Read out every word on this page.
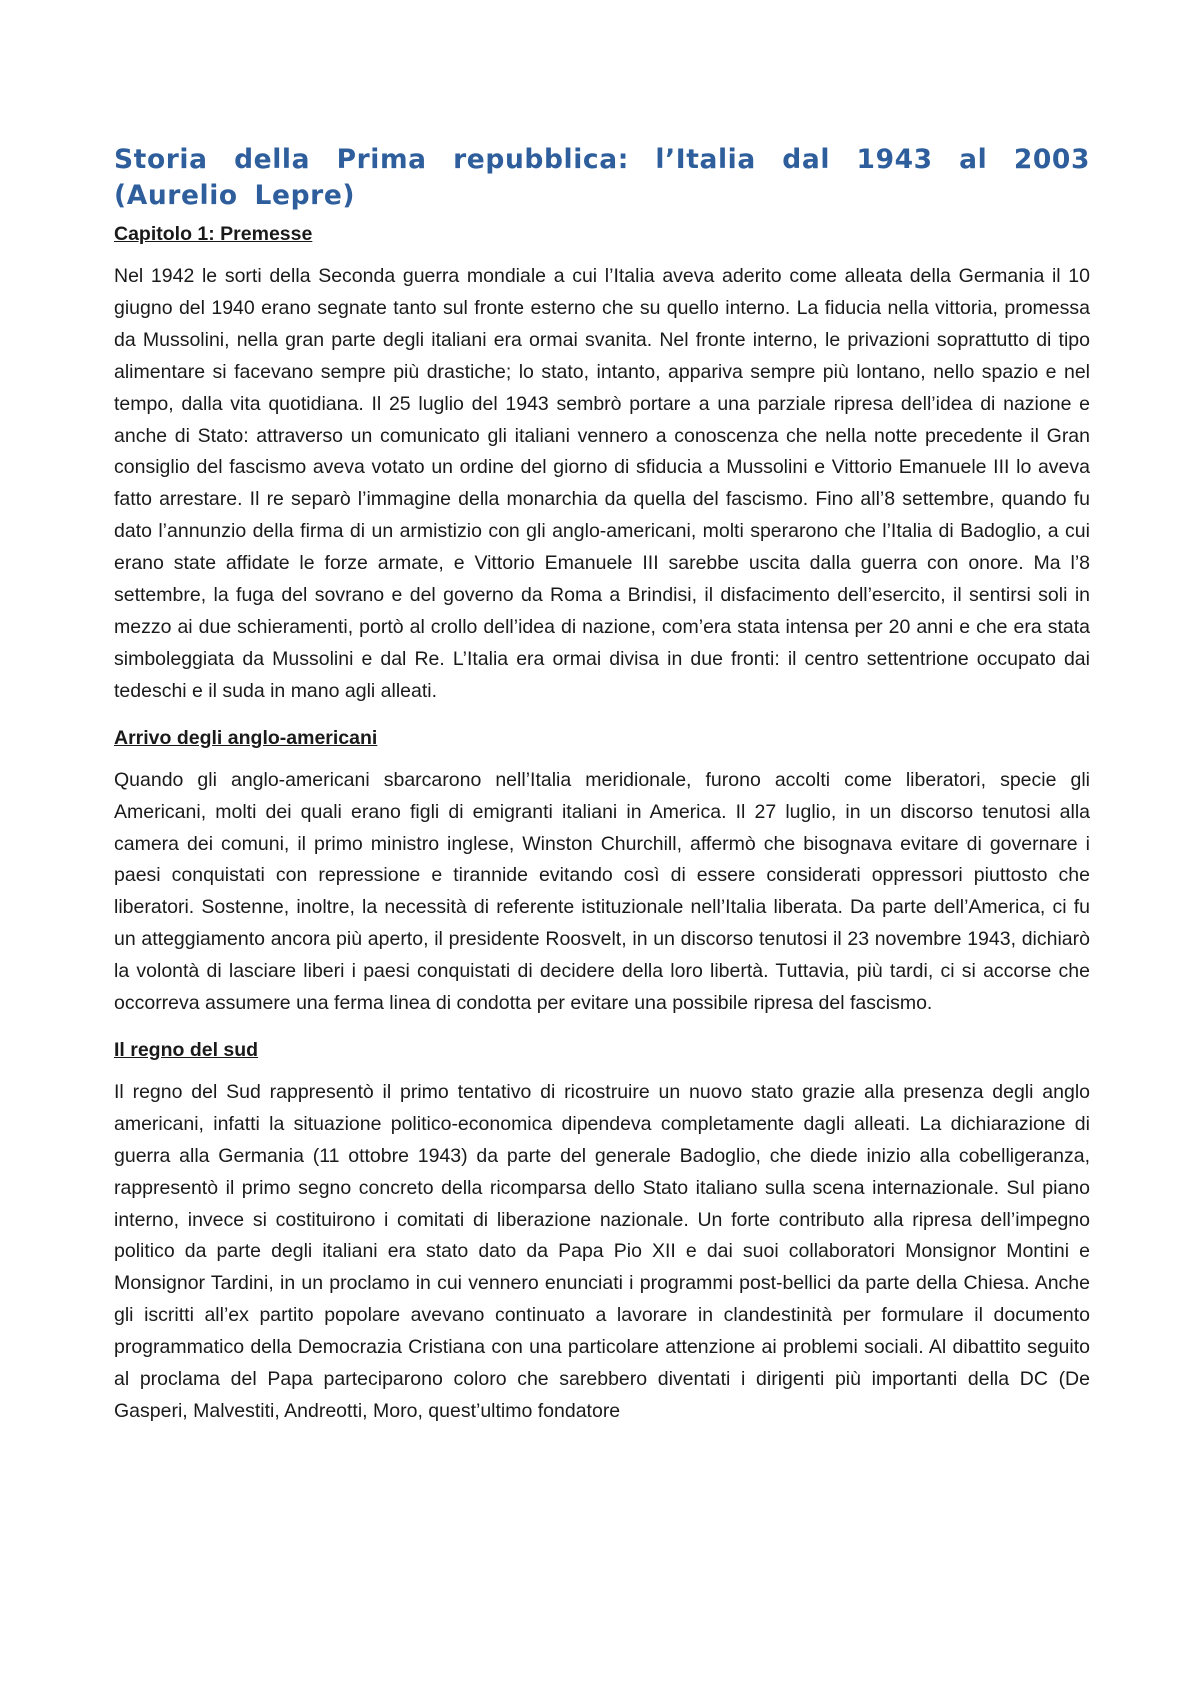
Storia della Prima repubblica: l’Italia dal 1943 al 2003 (Aurelio Lepre)
Capitolo 1: Premesse

Nel 1942 le sorti della Seconda guerra mondiale a cui l’Italia aveva aderito come alleata della Germania il 10 giugno del 1940 erano segnate tanto sul fronte esterno che su quello interno. La fiducia nella vittoria, promessa da Mussolini, nella gran parte degli italiani era ormai svanita. Nel fronte interno, le privazioni soprattutto di tipo alimentare si facevano sempre più drastiche; lo stato, intanto, appariva sempre più lontano, nello spazio e nel tempo, dalla vita quotidiana. Il 25 luglio del 1943 sembrò portare a una parziale ripresa dell’idea di nazione e anche di Stato: attraverso un comunicato gli italiani vennero a conoscenza che nella notte precedente il Gran consiglio del fascismo aveva votato un ordine del giorno di sfiducia a Mussolini e Vittorio Emanuele III lo aveva fatto arrestare. Il re separò l’immagine della monarchia da quella del fascismo. Fino all’8 settembre, quando fu dato l’annunzio della firma di un armistizio con gli anglo-americani, molti sperarono che l’Italia di Badoglio, a cui erano state affidate le forze armate, e Vittorio Emanuele III sarebbe uscita dalla guerra con onore. Ma l’8 settembre, la fuga del sovrano e del governo da Roma a Brindisi, il disfacimento dell’esercito, il sentirsi soli in mezzo ai due schieramenti, portò al crollo dell’idea di nazione, com’era stata intensa per 20 anni e che era stata simboleggiata da Mussolini e dal Re. L’Italia era ormai divisa in due fronti: il centro settentrione occupato dai tedeschi e il suda in mano agli alleati.

Arrivo degli anglo-americani

Quando gli anglo-americani sbarcarono nell’Italia meridionale, furono accolti come liberatori, specie gli Americani, molti dei quali erano figli di emigranti italiani in America. Il 27 luglio, in un discorso tenutosi alla camera dei comuni, il primo ministro inglese, Winston Churchill, affermò che bisognava evitare di governare i paesi conquistati con repressione e tirannide evitando così di essere considerati oppressori piuttosto che liberatori. Sostenne, inoltre, la necessità di referente istituzionale nell’Italia liberata. Da parte dell’America, ci fu un atteggiamento ancora più aperto, il presidente Roosvelt, in un discorso tenutosi il 23 novembre 1943, dichiarò la volontà di lasciare liberi i paesi conquistati di decidere della loro libertà. Tuttavia, più tardi, ci si accorse che occorreva assumere una ferma linea di condotta per evitare una possibile ripresa del fascismo.

Il regno del sud

Il regno del Sud rappresentò il primo tentativo di ricostruire un nuovo stato grazie alla presenza degli anglo americani, infatti la situazione politico-economica dipendeva completamente dagli alleati. La dichiarazione di guerra alla Germania (11 ottobre 1943) da parte del generale Badoglio, che diede inizio alla cobelligeranza, rappresentò il primo segno concreto della ricomparsa dello Stato italiano sulla scena internazionale. Sul piano interno, invece si costituirono i comitati di liberazione nazionale. Un forte contributo alla ripresa dell’impegno politico da parte degli italiani era stato dato da Papa Pio XII e dai suoi collaboratori Monsignor Montini e Monsignor Tardini, in un proclamo in cui vennero enunciati i programmi post-bellici da parte della Chiesa. Anche gli iscritti all’ex partito popolare avevano continuato a lavorare in clandestinità per formulare il documento programmatico della Democrazia Cristiana con una particolare attenzione ai problemi sociali. Al dibattito seguito al proclama del Papa parteciparono coloro che sarebbero diventati i dirigenti più importanti della DC (De Gasperi, Malvestiti, Andreotti, Moro, quest’ultimo fondatore
